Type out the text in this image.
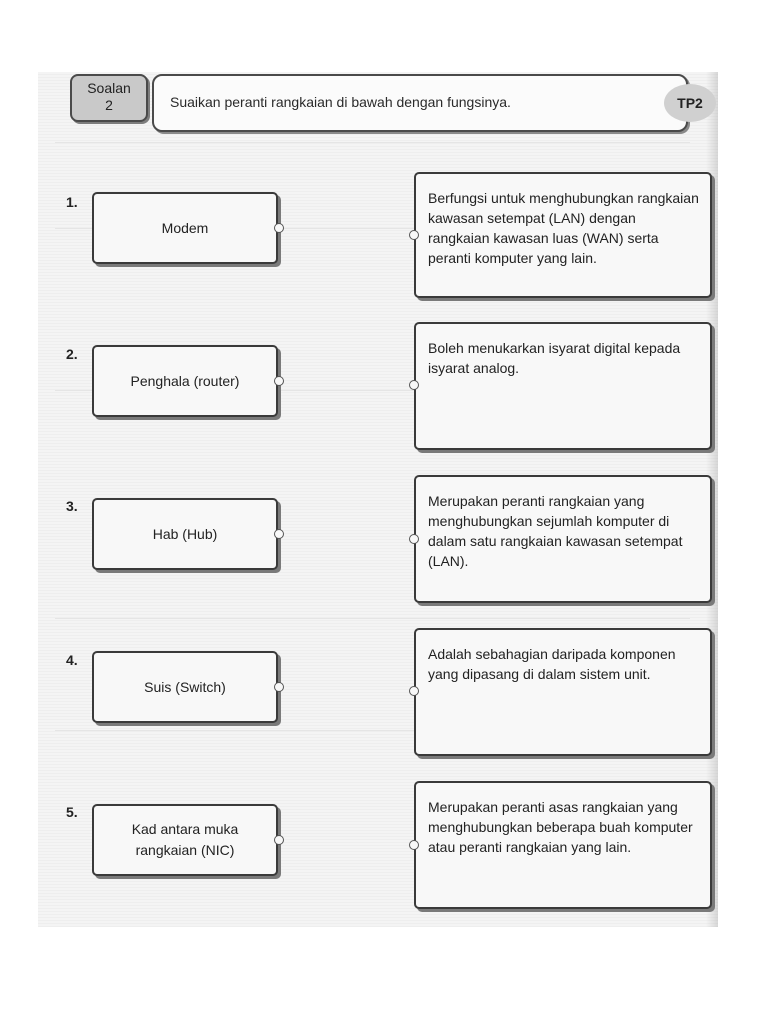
Soalan
2	Suaikan peranti rangkaian di bawah dengan fungsinya.	TP2
1.
Modem
Berfungsi untuk menghubungkan rangkaian kawasan setempat (LAN) dengan rangkaian kawasan luas (WAN) serta peranti komputer yang lain.
2.
Penghala (router)
Boleh menukarkan isyarat digital kepada isyarat analog.
3.
Hab (Hub)
Merupakan peranti rangkaian yang menghubungkan sejumlah komputer di dalam satu rangkaian kawasan setempat (LAN).
4.
Suis (Switch)
Adalah sebahagian daripada komponen yang dipasang di dalam sistem unit.
5.
Kad antara muka rangkaian (NIC)
Merupakan peranti asas rangkaian yang menghubungkan beberapa buah komputer atau peranti rangkaian yang lain.
